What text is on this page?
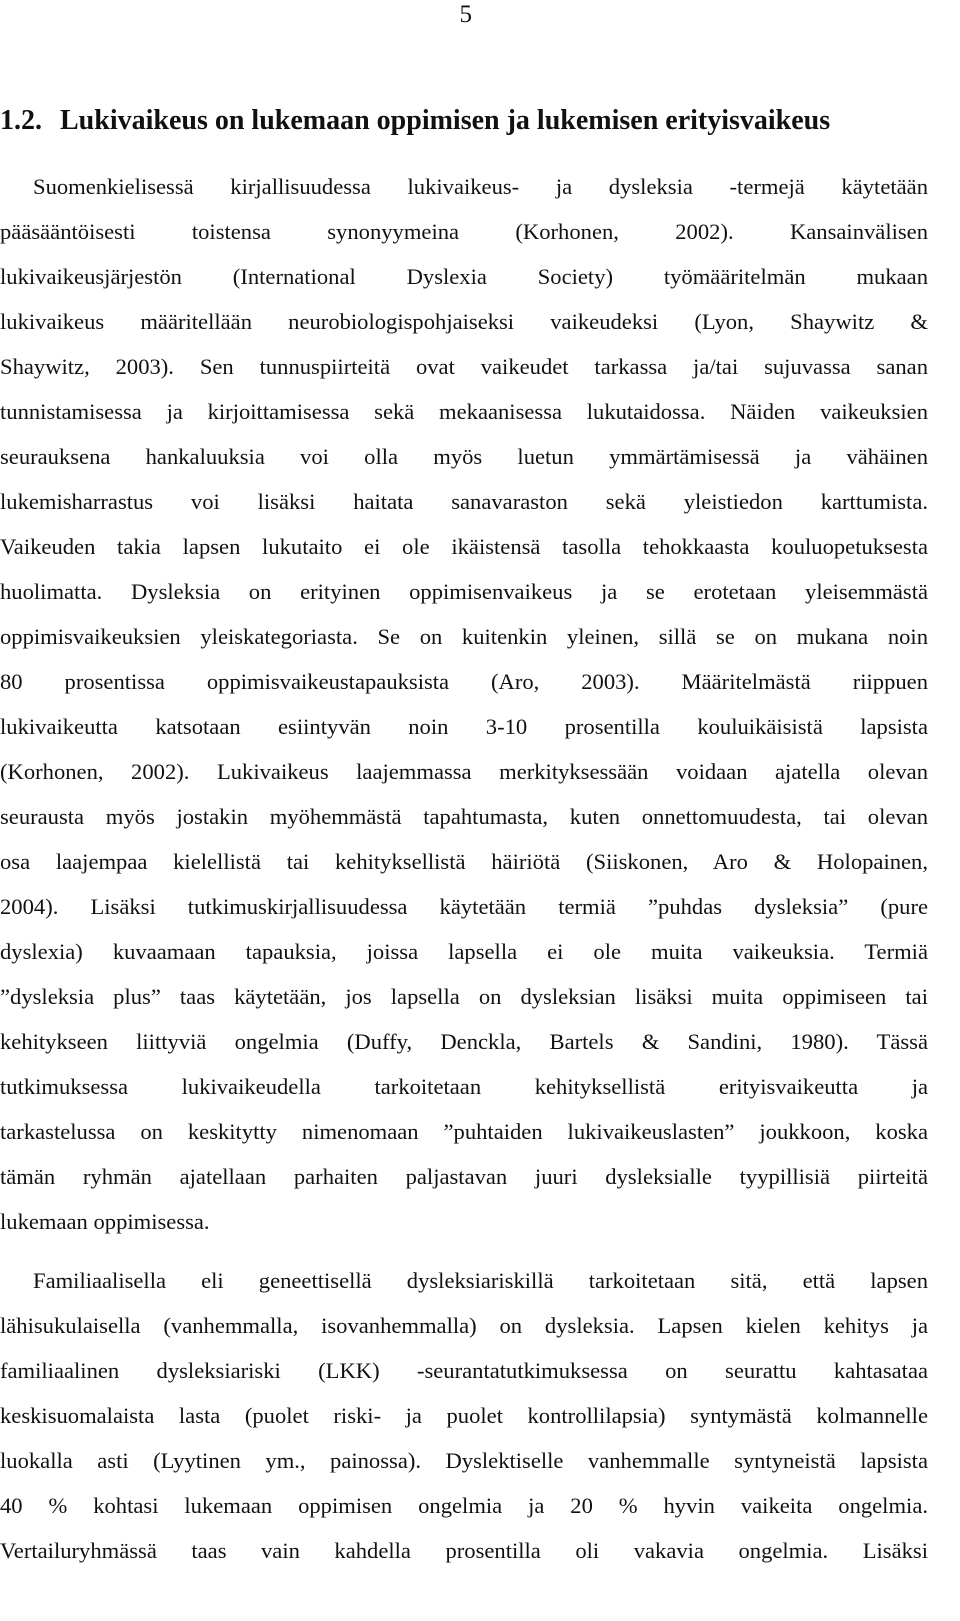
5
1.2. Lukivaikeus on lukemaan oppimisen ja lukemisen erityisvaikeus
Suomenkielisessä kirjallisuudessa lukivaikeus- ja dysleksia -termejä käytetään
pääsääntöisesti toistensa synonyymeina (Korhonen, 2002). Kansainvälisen
lukivaikeusjärjestön (International Dyslexia Society) työmääritelmän mukaan
lukivaikeus määritellään neurobiologispohjaiseksi vaikeudeksi (Lyon, Shaywitz &
Shaywitz, 2003). Sen tunnuspiirteitä ovat vaikeudet tarkassa ja/tai sujuvassa sanan
tunnistamisessa ja kirjoittamisessa sekä mekaanisessa lukutaidossa. Näiden vaikeuksien
seurauksena hankaluuksia voi olla myös luetun ymmärtämisessä ja vähäinen
lukemisharrastus voi lisäksi haitata sanavaraston sekä yleistiedon karttumista.
Vaikeuden takia lapsen lukutaito ei ole ikäistensä tasolla tehokkaasta kouluopetuksesta
huolimatta. Dysleksia on erityinen oppimisenvaikeus ja se erotetaan yleisemmästä
oppimisvaikeuksien yleiskategoriasta. Se on kuitenkin yleinen, sillä se on mukana noin
80 prosentissa oppimisvaikeustapauksista (Aro, 2003). Määritelmästä riippuen
lukivaikeutta katsotaan esiintyvän noin 3-10 prosentilla kouluikäisistä lapsista
(Korhonen, 2002). Lukivaikeus laajemmassa merkityksessään voidaan ajatella olevan
seurausta myös jostakin myöhemmästä tapahtumasta, kuten onnettomuudesta, tai olevan
osa laajempaa kielellistä tai kehityksellistä häiriötä (Siiskonen, Aro & Holopainen,
2004). Lisäksi tutkimuskirjallisuudessa käytetään termiä ”puhdas dysleksia” (pure
dyslexia) kuvaamaan tapauksia, joissa lapsella ei ole muita vaikeuksia. Termiä
”dysleksia plus” taas käytetään, jos lapsella on dysleksian lisäksi muita oppimiseen tai
kehitykseen liittyviä ongelmia (Duffy, Denckla, Bartels & Sandini, 1980). Tässä
tutkimuksessa lukivaikeudella tarkoitetaan kehityksellistä erityisvaikeutta ja
tarkastelussa on keskitytty nimenomaan ”puhtaiden lukivaikeuslasten” joukkoon, koska
tämän ryhmän ajatellaan parhaiten paljastavan juuri dysleksialle tyypillisiä piirteitä
lukemaan oppimisessa.
Familiaalisella eli geneettisellä dysleksiariskillä tarkoitetaan sitä, että lapsen
lähisukulaisella (vanhemmalla, isovanhemmalla) on dysleksia. Lapsen kielen kehitys ja
familiaalinen dysleksiariski (LKK) -seurantatutkimuksessa on seurattu kahtasataa
keskisuomalaista lasta (puolet riski- ja puolet kontrollilapsia) syntymästä kolmannelle
luokalla asti (Lyytinen ym., painossa). Dyslektiselle vanhemmalle syntyneistä lapsista
40 % kohtasi lukemaan oppimisen ongelmia ja 20 % hyvin vaikeita ongelmia.
Vertailuryhmässä taas vain kahdella prosentilla oli vakavia ongelmia. Lisäksi
